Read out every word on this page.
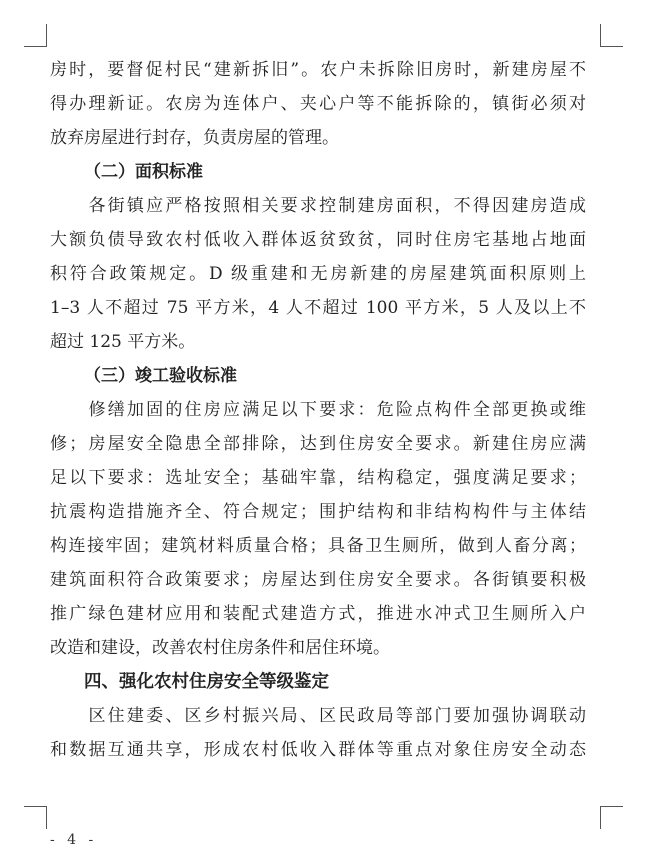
房时，要督促村民“建新拆旧”。农户未拆除旧房时，新建房屋不
得办理新证。农房为连体户、夹心户等不能拆除的，镇街必须对
放弃房屋进行封存，负责房屋的管理。
（二）面积标准
　　各街镇应严格按照相关要求控制建房面积，不得因建房造成
大额负债导致农村低收入群体返贫致贫，同时住房宅基地占地面
积符合政策规定。D 级重建和无房新建的房屋建筑面积原则上
1–3 人不超过 75 平方米，4 人不超过 100 平方米，5 人及以上不
超过 125 平方米。
（三）竣工验收标准
　　修缮加固的住房应满足以下要求：危险点构件全部更换或维
修；房屋安全隐患全部排除，达到住房安全要求。新建住房应满
足以下要求：选址安全；基础牢靠，结构稳定，强度满足要求；
抗震构造措施齐全、符合规定；围护结构和非结构构件与主体结
构连接牢固；建筑材料质量合格；具备卫生厕所，做到人畜分离；
建筑面积符合政策要求；房屋达到住房安全要求。各街镇要积极
推广绿色建材应用和装配式建造方式，推进水冲式卫生厕所入户
改造和建设，改善农村住房条件和居住环境。
四、强化农村住房安全等级鉴定
　　区住建委、区乡村振兴局、区民政局等部门要加强协调联动
和数据互通共享，形成农村低收入群体等重点对象住房安全动态
- 4 -
